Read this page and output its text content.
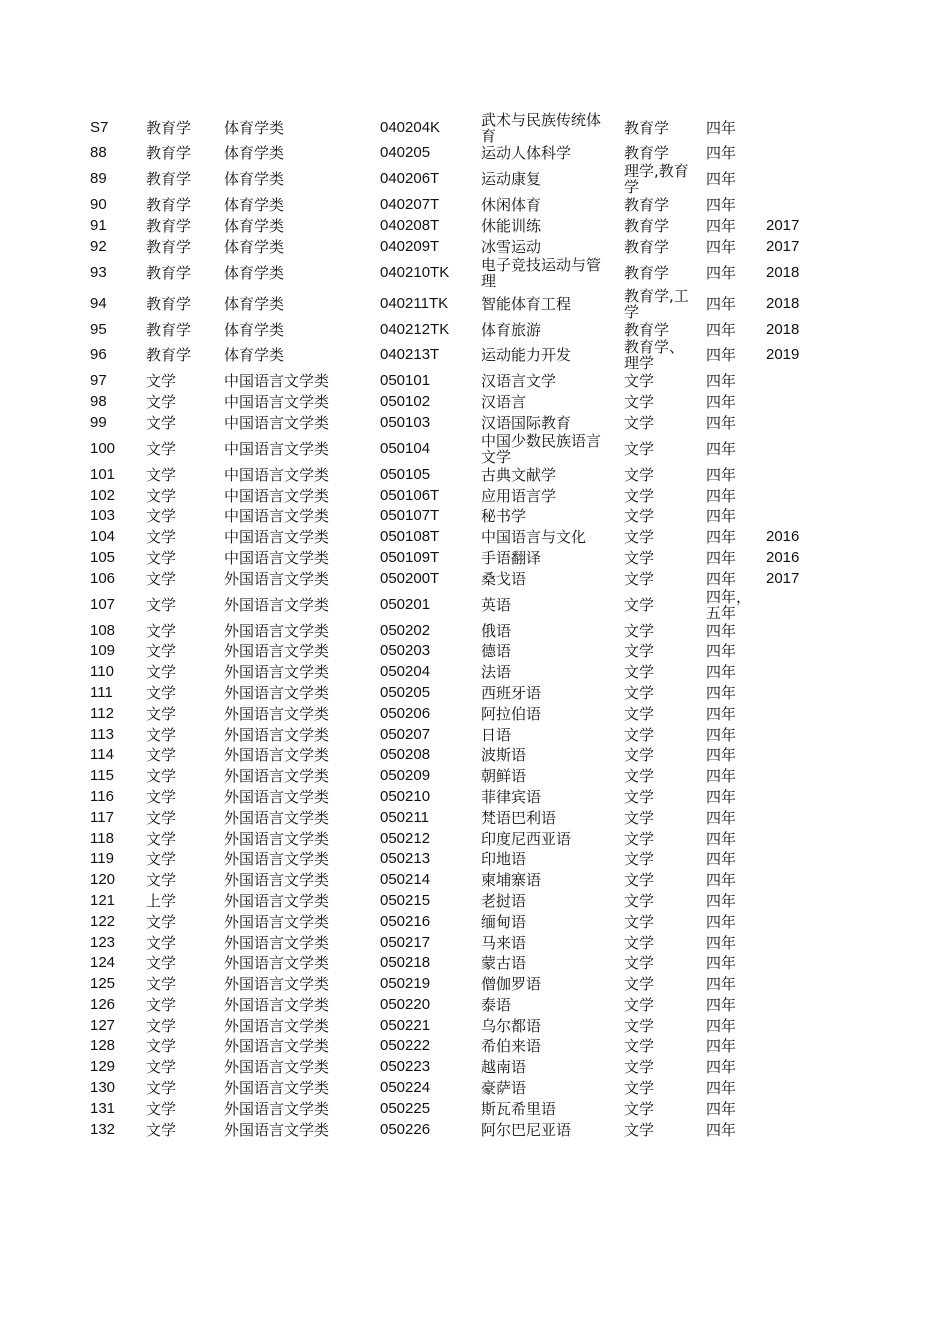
S7	教育学	体育学类	040204K	武术与民族传统体育	教育学	四年
88	教育学	体育学类	040205	运动人体科学	教育学	四年
89	教育学	体育学类	040206T	运动康复	理学,教育学	四年
90	教育学	体育学类	040207T	休闲体育	教育学	四年
91	教育学	体育学类	040208T	休能训练	教育学	四年	2017
92	教育学	体育学类	040209T	冰雪运动	教育学	四年	2017
93	教育学	体育学类	040210TK	电子竞技运动与管理	教育学	四年	2018
94	教育学	体育学类	040211TK	智能体育工程	教育学,工学	四年	2018
95	教育学	体育学类	040212TK	体育旅游	教育学	四年	2018
96	教育学	体育学类	040213T	运动能力开发	教育学、理学	四年	2019
97	文学	中国语言文学类	050101	汉语言文学	文学	四年
98	文学	中国语言文学类	050102	汉语言	文学	四年
99	文学	中国语言文学类	050103	汉语国际教育	文学	四年
100	文学	中国语言文学类	050104	中国少数民族语言文学	文学	四年
101	文学	中国语言文学类	050105	古典文献学	文学	四年
102	文学	中国语言文学类	050106T	应用语言学	文学	四年
103	文学	中国语言文学类	050107T	秘书学	文学	四年
104	文学	中国语言文学类	050108T	中国语言与文化	文学	四年	2016
105	文学	中国语言文学类	050109T	手语翻译	文学	四年	2016
106	文学	外国语言文学类	050200T	桑戈语	文学	四年	2017
107	文学	外国语言文学类	050201	英语	文学	四年，五年
108	文学	外国语言文学类	050202	俄语	文学	四年
109	文学	外国语言文学类	050203	德语	文学	四年
110	文学	外国语言文学类	050204	法语	文学	四年
111	文学	外国语言文学类	050205	西班牙语	文学	四年
112	文学	外国语言文学类	050206	阿拉伯语	文学	四年
113	文学	外国语言文学类	050207	日语	文学	四年
114	文学	外国语言文学类	050208	波斯语	文学	四年
115	文学	外国语言文学类	050209	朝鲜语	文学	四年
116	文学	外国语言文学类	050210	菲律宾语	文学	四年
117	文学	外国语言文学类	050211	梵语巴利语	文学	四年
118	文学	外国语言文学类	050212	印度尼西亚语	文学	四年
119	文学	外国语言文学类	050213	印地语	文学	四年
120	文学	外国语言文学类	050214	柬埔寨语	文学	四年
121	上学	外国语言文学类	050215	老挝语	文学	四年
122	文学	外国语言文学类	050216	缅甸语	文学	四年
123	文学	外国语言文学类	050217	马来语	文学	四年
124	文学	外国语言文学类	050218	蒙古语	文学	四年
125	文学	外国语言文学类	050219	僧伽罗语	文学	四年
126	文学	外国语言文学类	050220	泰语	文学	四年
127	文学	外国语言文学类	050221	乌尔都语	文学	四年
128	文学	外国语言文学类	050222	希伯来语	文学	四年
129	文学	外国语言文学类	050223	越南语	文学	四年
130	文学	外国语言文学类	050224	豪萨语	文学	四年
131	文学	外国语言文学类	050225	斯瓦希里语	文学	四年
132	文学	外国语言文学类	050226	阿尔巴尼亚语	文学	四年
